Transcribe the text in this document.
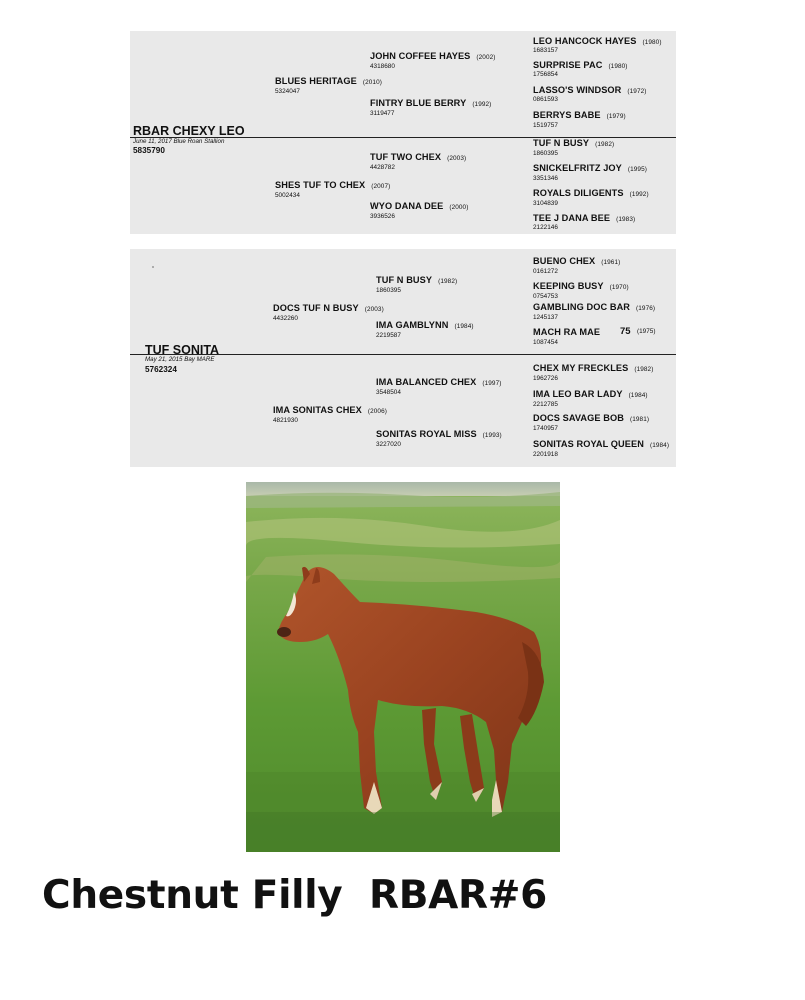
RBAR CHEXY LEO
June 11, 2017 Blue Roan Stallion
5835790
BLUES HERITAGE (2010)
5324047
SHES TUF TO CHEX (2007)
5002434
JOHN COFFEE HAYES (2002)
4318680
FINTRY BLUE BERRY (1992)
3119477
TUF TWO CHEX (2003)
4428782
WYO DANA DEE (2000)
3936526
LEO HANCOCK HAYES (1980)
1683157
SURPRISE PAC (1980)
1756854
LASSO'S WINDSOR (1972)
0861593
BERRYS BABE (1979)
1519757
TUF N BUSY (1982)
1860395
SNICKELFRITZ JOY (1995)
3351346
ROYALS DILIGENTS (1992)
3104839
TEE J DANA BEE (1983)
2122146
TUF SONITA
May 21, 2015 Bay MARE
5762324
DOCS TUF N BUSY (2003)
4432260
IMA SONITAS CHEX (2006)
4821930
TUF N BUSY (1982)
1860395
IMA GAMBLYNN (1984)
2219587
IMA BALANCED CHEX (1997)
3548504
SONITAS ROYAL MISS (1993)
3227020
BUENO CHEX (1961)
0161272
KEEPING BUSY (1970)
0754753
GAMBLING DOC BAR (1976)
1245137
MACH RA MAE 75 (1975)
1087454
CHEX MY FRECKLES (1982)
1962726
IMA LEO BAR LADY (1984)
2212785
DOCS SAVAGE BOB (1981)
1740957
SONITAS ROYAL QUEEN (1984)
2201918
Chestnut Filly  RBAR#6
